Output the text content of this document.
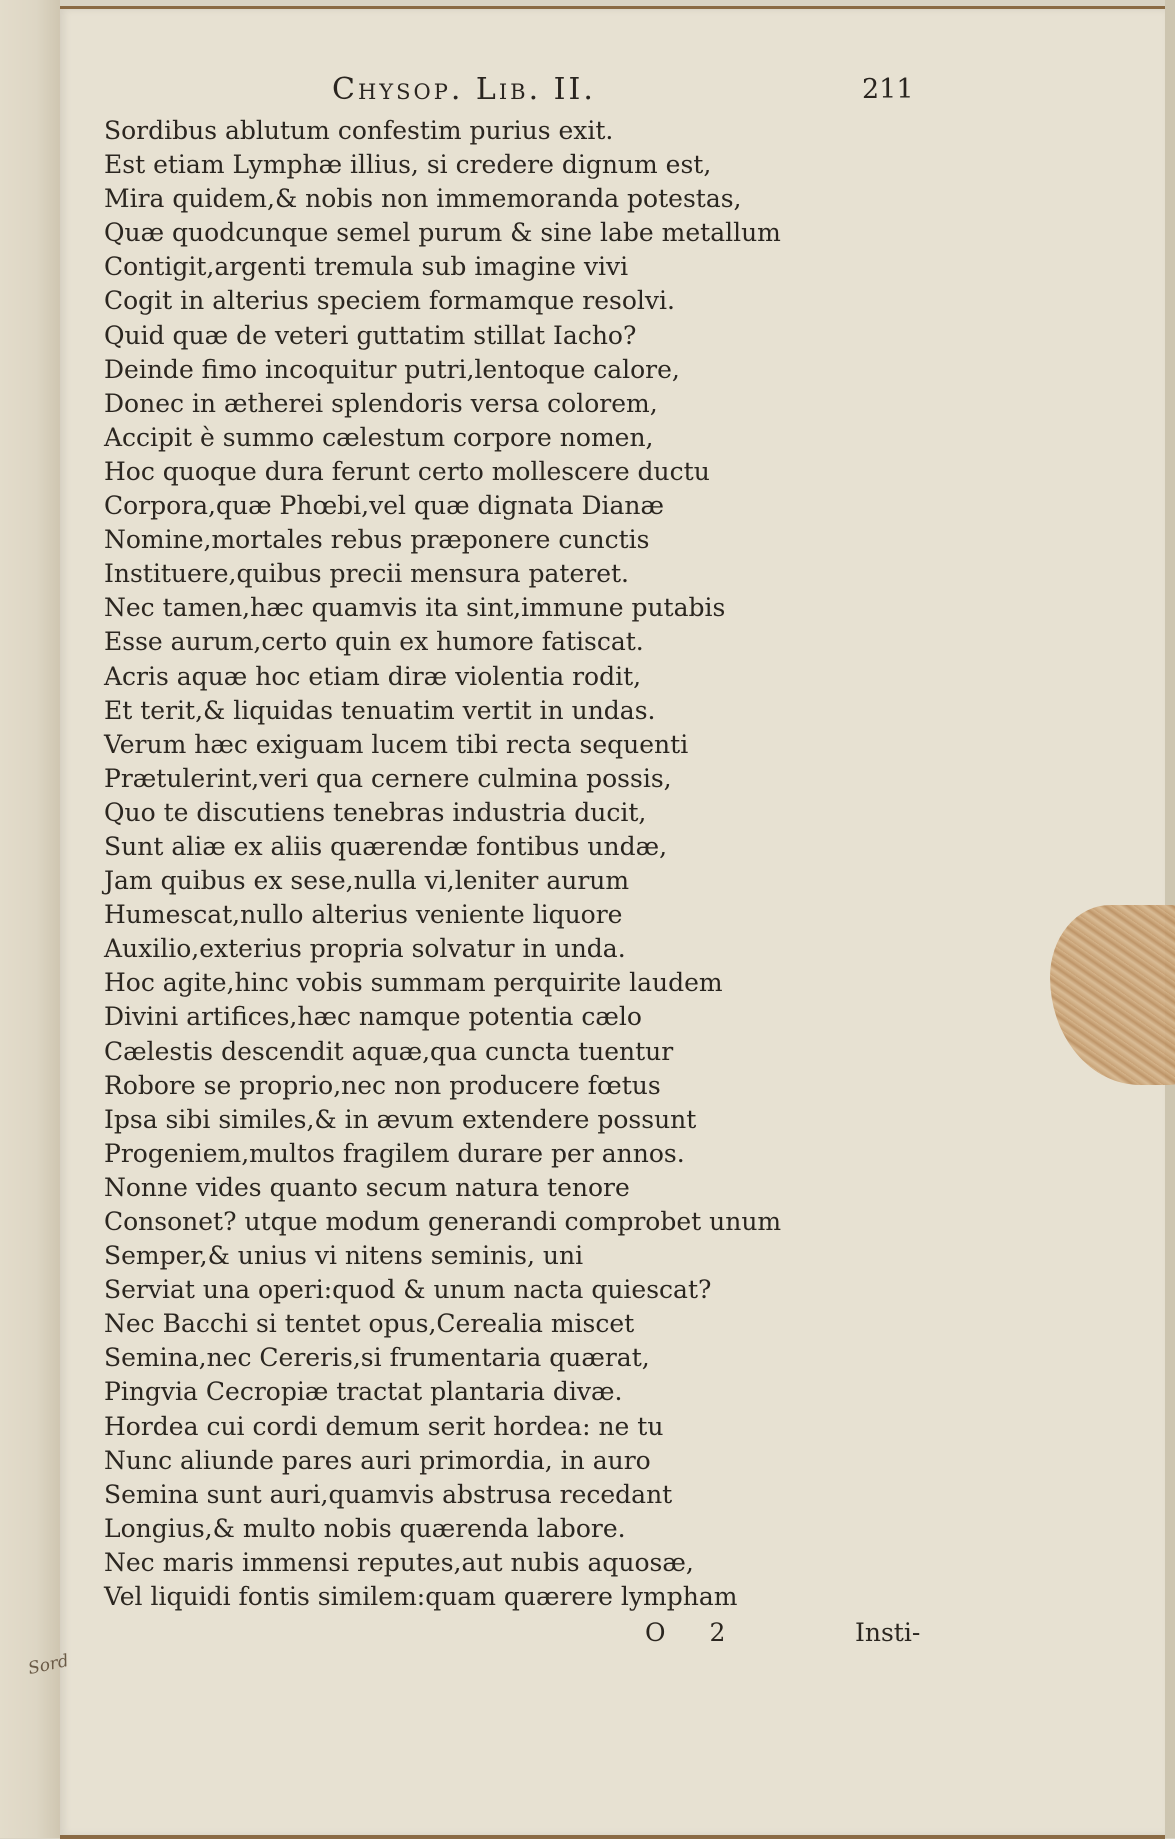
Chysop. Lib. II.	211
Sordibus ablutum confestim purius exit.
Est etiam Lymphæ illius, si credere dignum est,
Mira quidem,& nobis non immemoranda potestas,
Quæ quodcunque semel purum & sine labe metallum
Contigit,argenti tremula sub imagine vivi
Cogit in alterius speciem formamque resolvi.
Quid quæ de veteri guttatim stillat Iacho?
Deinde fimo incoquitur putri,lentoque calore,
Donec in ætherei splendoris versa colorem,
Accipit è summo cælestum corpore nomen,
Hoc quoque dura ferunt certo mollescere ductu
Corpora,quæ Phœbi,vel quæ dignata Dianæ
Nomine,mortales rebus præponere cunctis
Instituere,quibus precii mensura pateret.
Nec tamen,hæc quamvis ita sint,immune putabis
Esse aurum,certo quin ex humore fatiscat.
Acris aquæ hoc etiam diræ violentia rodit,
Et terit,& liquidas tenuatim vertit in undas.
Verum hæc exiguam lucem tibi recta sequenti
Prætulerint,veri qua cernere culmina possis,
Quo te discutiens tenebras industria ducit,
Sunt aliæ ex aliis quærendæ fontibus undæ,
Jam quibus ex sese,nulla vi,leniter aurum
Humescat,nullo alterius veniente liquore
Auxilio,exterius propria solvatur in unda.
Hoc agite,hinc vobis summam perquirite laudem
Divini artifices,hæc namque potentia cælo
Cælestis descendit aquæ,qua cuncta tuentur
Robore se proprio,nec non producere fœtus
Ipsa sibi similes,& in ævum extendere possunt
Progeniem,multos fragilem durare per annos.
Nonne vides quanto secum natura tenore
Consonet? utque modum generandi comprobet unum
Semper,& unius vi nitens seminis, uni
Serviat una operi:quod & unum nacta quiescat?
Nec Bacchi si tentet opus,Cerealia miscet
Semina,nec Cereris,si frumentaria quærat,
Pingvia Cecropiæ tractat plantaria divæ.
Hordea cui cordi demum serit hordea: ne tu
Nunc aliunde pares auri primordia, in auro
Semina sunt auri,quamvis abstrusa recedant
Longius,& multo nobis quærenda labore.
Nec maris immensi reputes,aut nubis aquosæ,
Vel liquidi fontis similem:quam quærere lympham
O 2	Insti-
Sord
